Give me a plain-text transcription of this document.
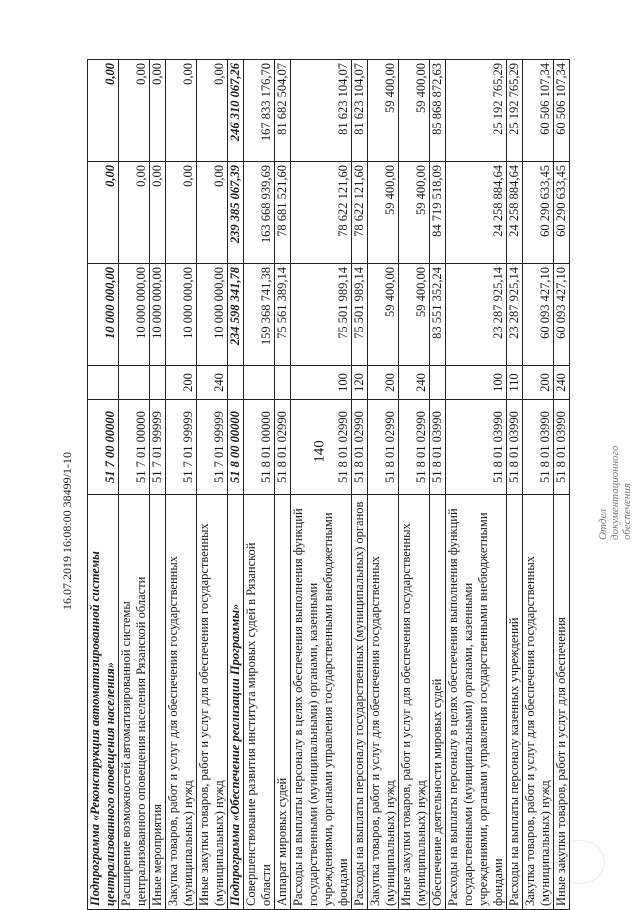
140
16.07.2019 16:08:00 38499/1-10	Отдел документационного обеспечения
Подпрограмма «Реконструкция автоматизированной системы централизованного оповещения населения»	51 7 00 00000		10 000 000,00	0,00	0,00
Расширение возможностей автоматизированной системы централизованного оповещения населения Рязанской области	51 7 01 00000		10 000 000,00	0,00	0,00
Иные мероприятия	51 7 01 99999		10 000 000,00	0,00	0,00
Закупка товаров, работ и услуг для обеспечения государственных (муниципальных) нужд	51 7 01 99999	200	10 000 000,00	0,00	0,00
Иные закупки товаров, работ и услуг для обеспечения государственных (муниципальных) нужд	51 7 01 99999	240	10 000 000,00	0,00	0,00
Подпрограмма «Обеспечение реализации Программы»	51 8 00 00000		234 598 341,78	239 385 067,39	246 310 067,26
Совершенствование развития института мировых судей в Рязанской области	51 8 01 00000		159 368 741,38	163 668 939,69	167 833 176,70
Аппарат мировых судей	51 8 01 02990		75 561 389,14	78 681 521,60	81 682 504,07
Расходы на выплаты персоналу в целях обеспечения выполнения функций государственными (муниципальными) органами, казенными учреждениями, органами управления государственными внебюджетными фондами	51 8 01 02990	100	75 501 989,14	78 622 121,60	81 623 104,07
Расходы на выплаты персоналу государственных (муниципальных) органов	51 8 01 02990	120	75 501 989,14	78 622 121,60	81 623 104,07
Закупка товаров, работ и услуг для обеспечения государственных (муниципальных) нужд	51 8 01 02990	200	59 400,00	59 400,00	59 400,00
Иные закупки товаров, работ и услуг для обеспечения государственных (муниципальных) нужд	51 8 01 02990	240	59 400,00	59 400,00	59 400,00
Обеспечение деятельности мировых судей	51 8 01 03990		83 551 352,24	84 719 518,09	85 868 872,63
Расходы на выплаты персоналу в целях обеспечения выполнения функций государственными (муниципальными) органами, казенными учреждениями, органами управления государственными внебюджетными фондами	51 8 01 03990	100	23 287 925,14	24 258 884,64	25 192 765,29
Расходы на выплаты персоналу казенных учреждений	51 8 01 03990	110	23 287 925,14	24 258 884,64	25 192 765,29
Закупка товаров, работ и услуг для обеспечения государственных (муниципальных) нужд	51 8 01 03990	200	60 093 427,10	60 290 633,45	60 506 107,34
Иные закупки товаров, работ и услуг для обеспечения	51 8 01 03990	240	60 093 427,10	60 290 633,45	60 506 107,34
